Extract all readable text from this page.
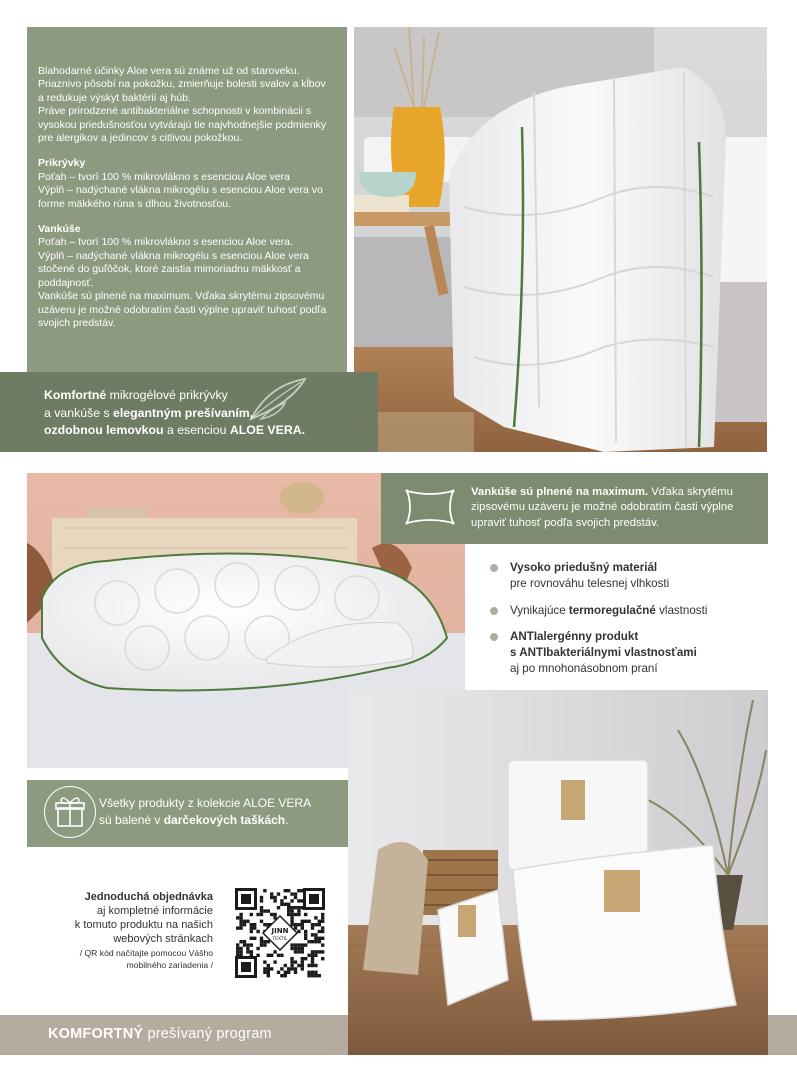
Blahodarné účinky Aloe vera sú známe už od staroveku. Priaznivo pôsobí na pokožku, zmierňuje bolesti svalov a kĺbov a redukuje výskyt baktérií aj húb.

Práve prirodzené antibakteriálne schopnosti v kombinácii s vysokou priedušnosťou vytvárajú tie najvhodnejšie podmienky pre alergikov a jedincov s citlivou pokožkou.

Prikrývky

Poťah – tvorí 100 % mikrovlákno s esenciou Aloe vera

Výplň – nadýchané vlákna mikrogélu s esenciou Aloe vera vo forme mäkkého rúna s dlhou životnosťou.

Vankúše

Poťah – tvorí 100 % mikrovlákno s esenciou Aloe vera.

Výplň – nadýchané vlákna mikrogélu s esenciou Aloe vera stočené do guľôčok, ktoré zaistia mimoriadnu mäkkosť a poddajnosť.

Vankúše sú plnené na maximum. Vďaka skrytému zipsovému uzáveru je možné odobratím časti výplne upraviť tuhosť podľa svojich predstáv.

Komfortné mikrogélové prikrývky
a vankúše s elegantným prešívaním,
ozdobnou lemovkou a esenciou ALOE VERA.
Vankúše sú plnené na maximum. Vďaka skrytému zipsovému uzáveru je možné odobratím časti výplne upraviť tuhosť podľa svojich predstáv.
Vysoko priedušný materiál
pre rovnováhu telesnej vlhkosti
Vynikajúce termoregulačné vlastnosti
ANTIalergénny produkt
s ANTIbakteriálnymi vlastnosťami
aj po mnohonásobnom praní
Všetky produkty z kolekcie ALOE VERA
sú balené v darčekových taškách.
Jednoduchá objednávka
aj kompletné informácie
k tomuto produktu na našich
webových stránkach
/ QR kód načítajte pomocou Vášho
mobilného zariadenia /
JINN
TEXTIL
KOMFORTNÝ prešívaný program
